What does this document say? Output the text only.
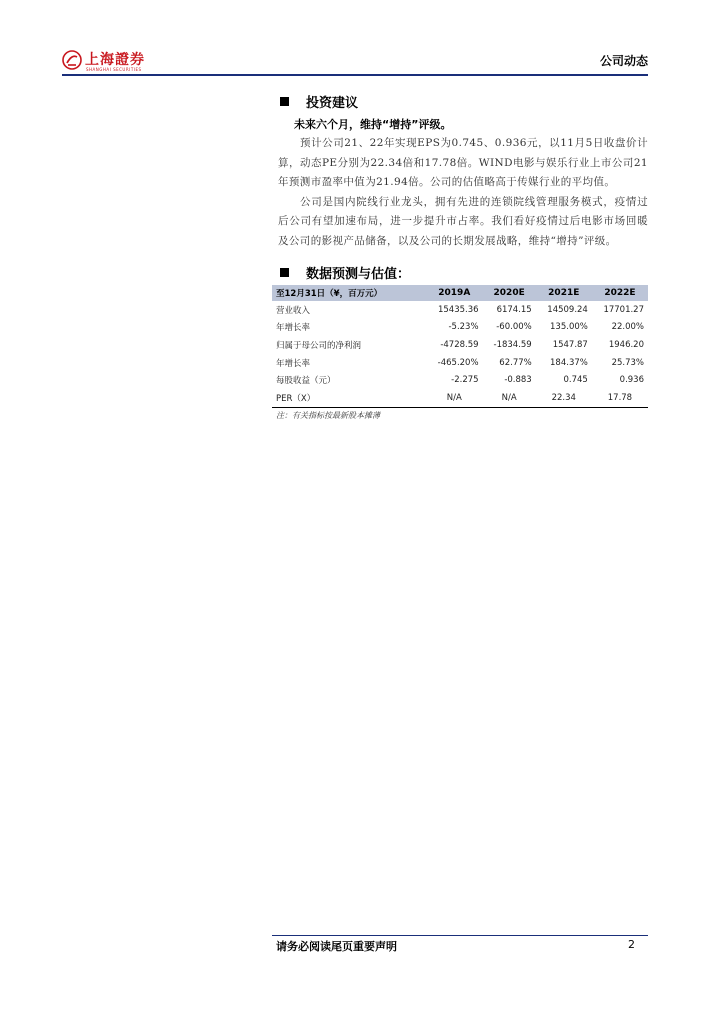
上海證券
SHANGHAI SECURITIES
公司动态
投资建议
未来六个月，维持“增持”评级。
预计公司21、22年实现EPS为0.745、0.936元，以11月5日收盘价计算，动态PE分别为22.34倍和17.78倍。WIND电影与娱乐行业上市公司21年预测市盈率中值为21.94倍。公司的估值略高于传媒行业的平均值。
公司是国内院线行业龙头，拥有先进的连锁院线管理服务模式，疫情过后公司有望加速布局，进一步提升市占率。我们看好疫情过后电影市场回暖及公司的影视产品储备，以及公司的长期发展战略，维持“增持”评级。
数据预测与估值：
至12月31日（¥，百万元）	2019A	2020E	2021E	2022E
营业收入	15435.36	6174.15	14509.24	17701.27
年增长率	-5.23%	-60.00%	135.00%	22.00%
归属于母公司的净利润	-4728.59	-1834.59	1547.87	1946.20
年增长率	-465.20%	62.77%	184.37%	25.73%
每股收益（元）	-2.275	-0.883	0.745	0.936
PER（X）	N/A	N/A	22.34	17.78
注：有关指标按最新股本摊薄
请务必阅读尾页重要声明	2
